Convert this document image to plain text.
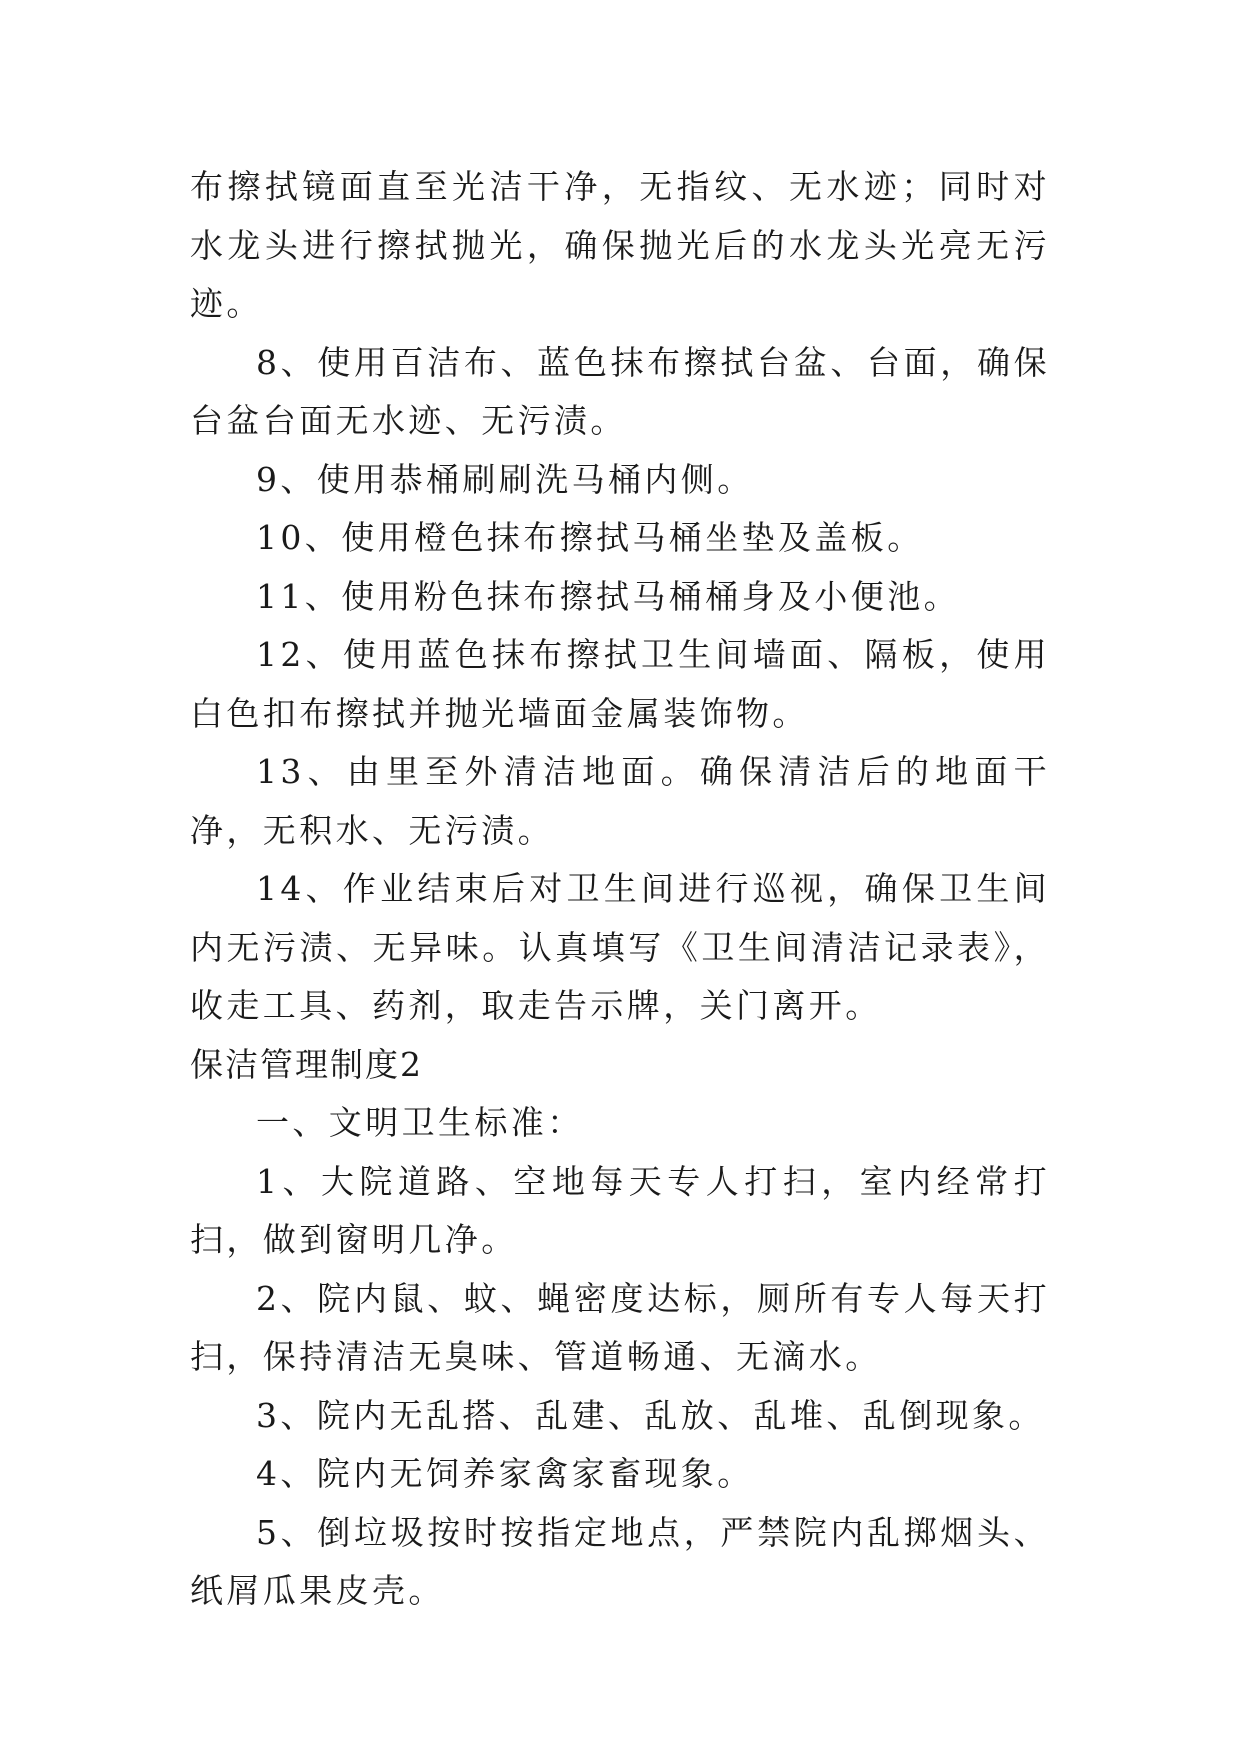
布擦拭镜面直至光洁干净，无指纹、无水迹；同时对水龙头进行擦拭抛光，确保抛光后的水龙头光亮无污迹。

8、使用百洁布、蓝色抹布擦拭台盆、台面，确保台盆台面无水迹、无污渍。

9、使用恭桶刷刷洗马桶内侧。

10、使用橙色抹布擦拭马桶坐垫及盖板。

11、使用粉色抹布擦拭马桶桶身及小便池。

12、使用蓝色抹布擦拭卫生间墙面、隔板，使用白色扣布擦拭并抛光墙面金属装饰物。

13、由里至外清洁地面。确保清洁后的地面干净，无积水、无污渍。

14、作业结束后对卫生间进行巡视，确保卫生间内无污渍、无异味。认真填写《卫生间清洁记录表》，收走工具、药剂，取走告示牌，关门离开。

保洁管理制度2

一、文明卫生标准：

1、大院道路、空地每天专人打扫，室内经常打扫，做到窗明几净。

2、院内鼠、蚊、蝇密度达标，厕所有专人每天打扫，保持清洁无臭味、管道畅通、无滴水。

3、院内无乱搭、乱建、乱放、乱堆、乱倒现象。

4、院内无饲养家禽家畜现象。

5、倒垃圾按时按指定地点，严禁院内乱掷烟头、纸屑瓜果皮壳。
